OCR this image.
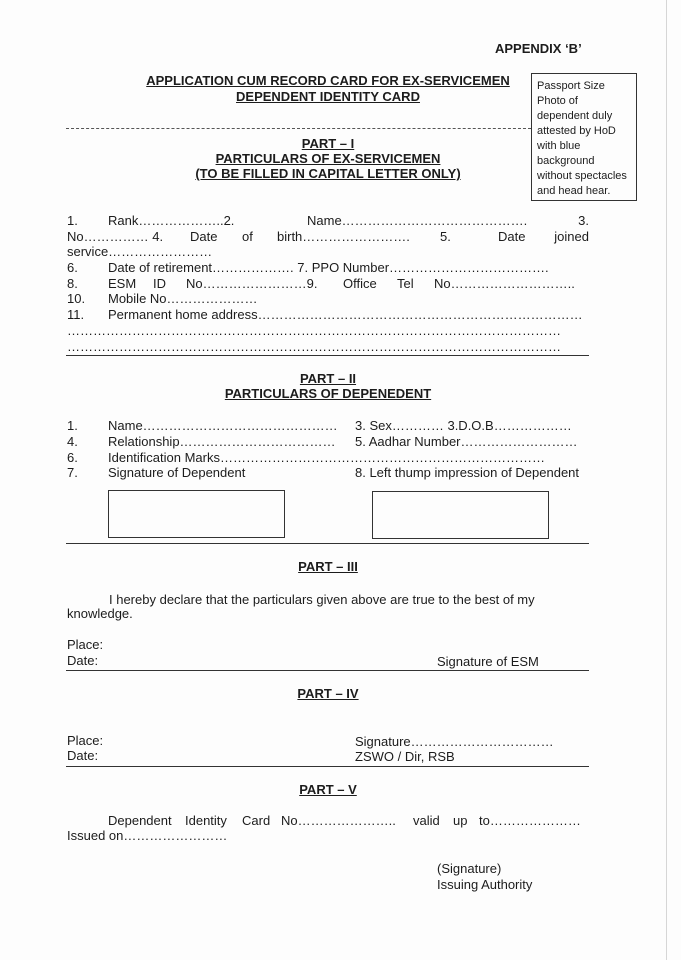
APPENDIX ‘B’
APPLICATION CUM RECORD CARD FOR EX-SERVICEMEN
DEPENDENT IDENTITY CARD
Passport Size
Photo of
dependent duly
attested by HoD
with blue
background
without spectacles
and head hear.
PART – I
PARTICULARS OF EX-SERVICEMEN
(TO BE FILLED IN CAPITAL LETTER ONLY)
1. Rank………………..2.	Name…………………………………….	3.
No…………… 4. Date of birth……………………. 5.	Date joined
service……………………
6. Date of retirement………………. 7. PPO Number……………………………….
8. ESM ID No……………………9. Office Tel No………………………..
10. Mobile No…………………
11. Permanent home address…………………………………………………………………
……………………………………………………………………………………………………
……………………………………………………………………………………………………
PART – II
PARTICULARS OF DEPENEDENT
1. Name……………………………………… 3. Sex………… 3.D.O.B………………
4. Relationship……………………………… 5. Aadhar Number………………………
6. Identification Marks…………………………………………………………………
7. Signature of Dependent	8. Left thump impression of Dependent
PART – III
I hereby declare that the particulars given above are true to the best of my
knowledge.
Place:
Date:	Signature of ESM
PART – IV
Place:
Date:
Signature……………………………
ZSWO / Dir, RSB
PART – V
Dependent Identity Card No………………….. valid up to…………………
Issued on……………………
(Signature)
Issuing Authority
